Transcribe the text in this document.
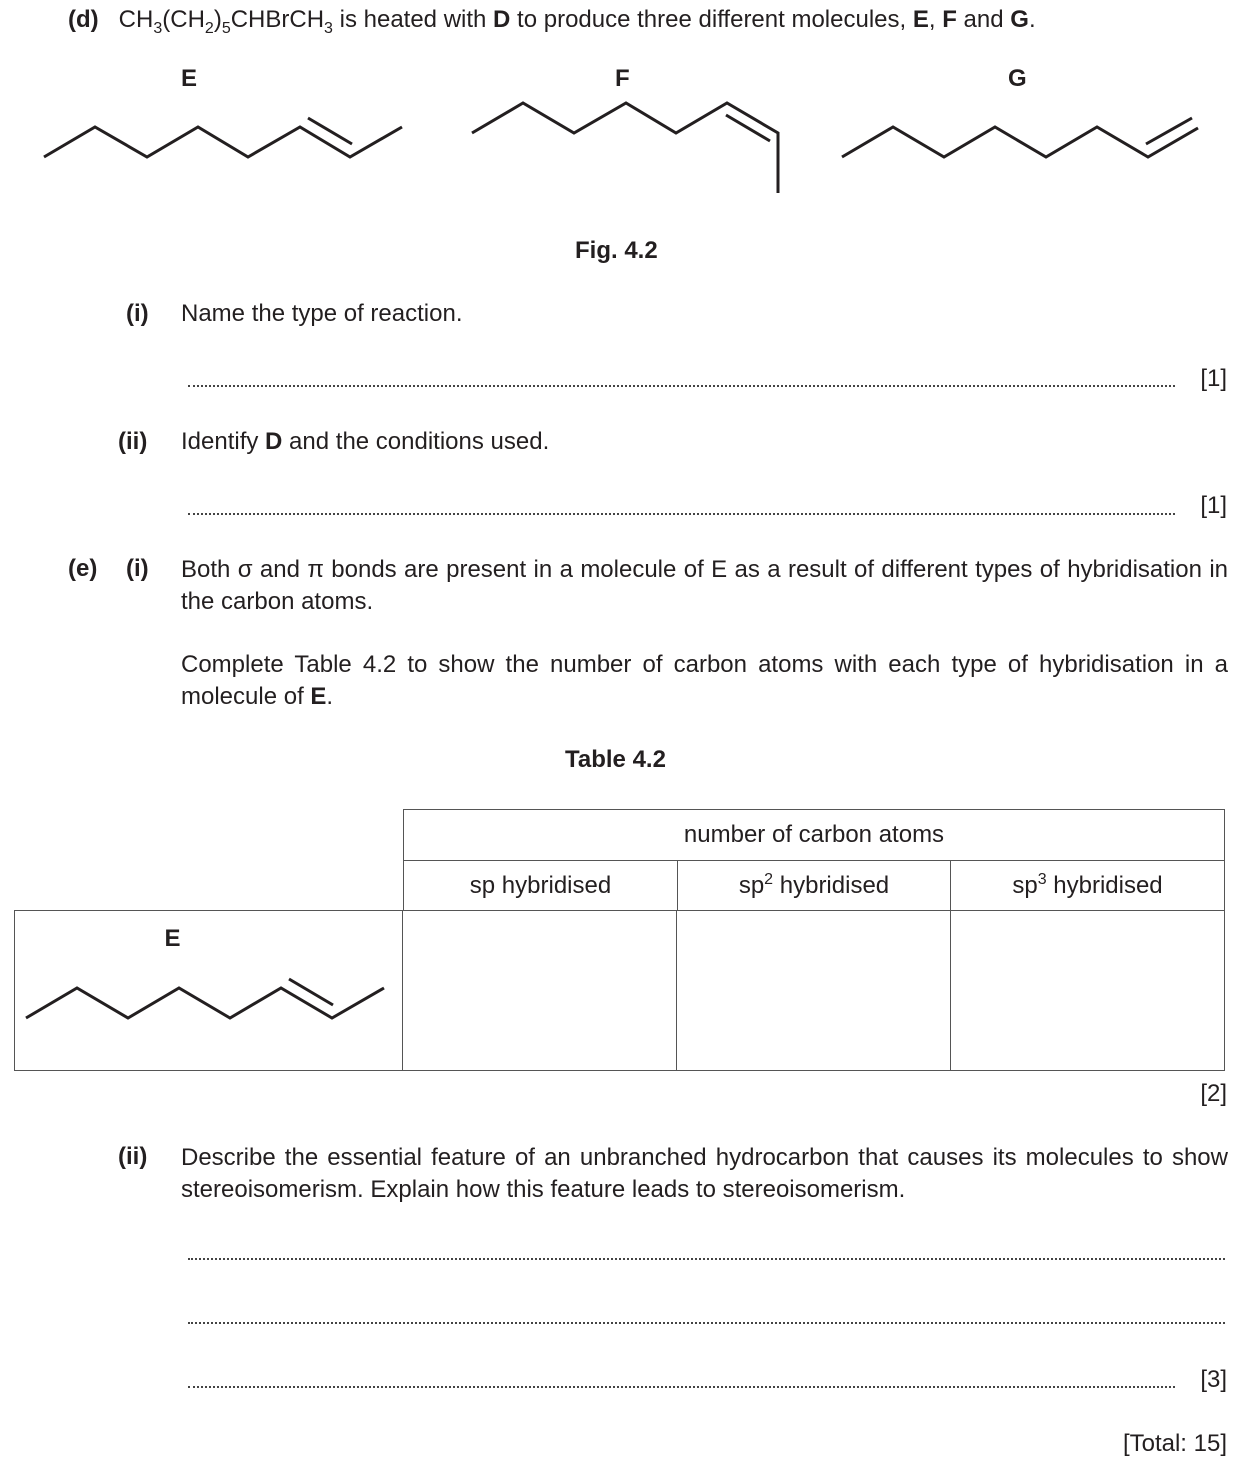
(d) $CH_3(CH_2)_5CHBrCH_3$ is heated with D to produce three different molecules, E, F and G.
E	F	G
Fig. 4.2
(i) Name the type of reaction.
[1]
(ii) Identify D and the conditions used.
[1]
(e) (i) Both σ and π bonds are present in a molecule of E as a result of different types of hybridisation in the carbon atoms.
Complete Table 4.2 to show the number of carbon atoms with each type of hybridisation in a molecule of E.
Table 4.2
number of carbon atoms
sp hybridised	$sp^2$ hybridised	$sp^3$ hybridised
E			
[2]
(ii) Describe the essential feature of an unbranched hydrocarbon that causes its molecules to show stereoisomerism. Explain how this feature leads to stereoisomerism.
[3]
[Total: 15]
